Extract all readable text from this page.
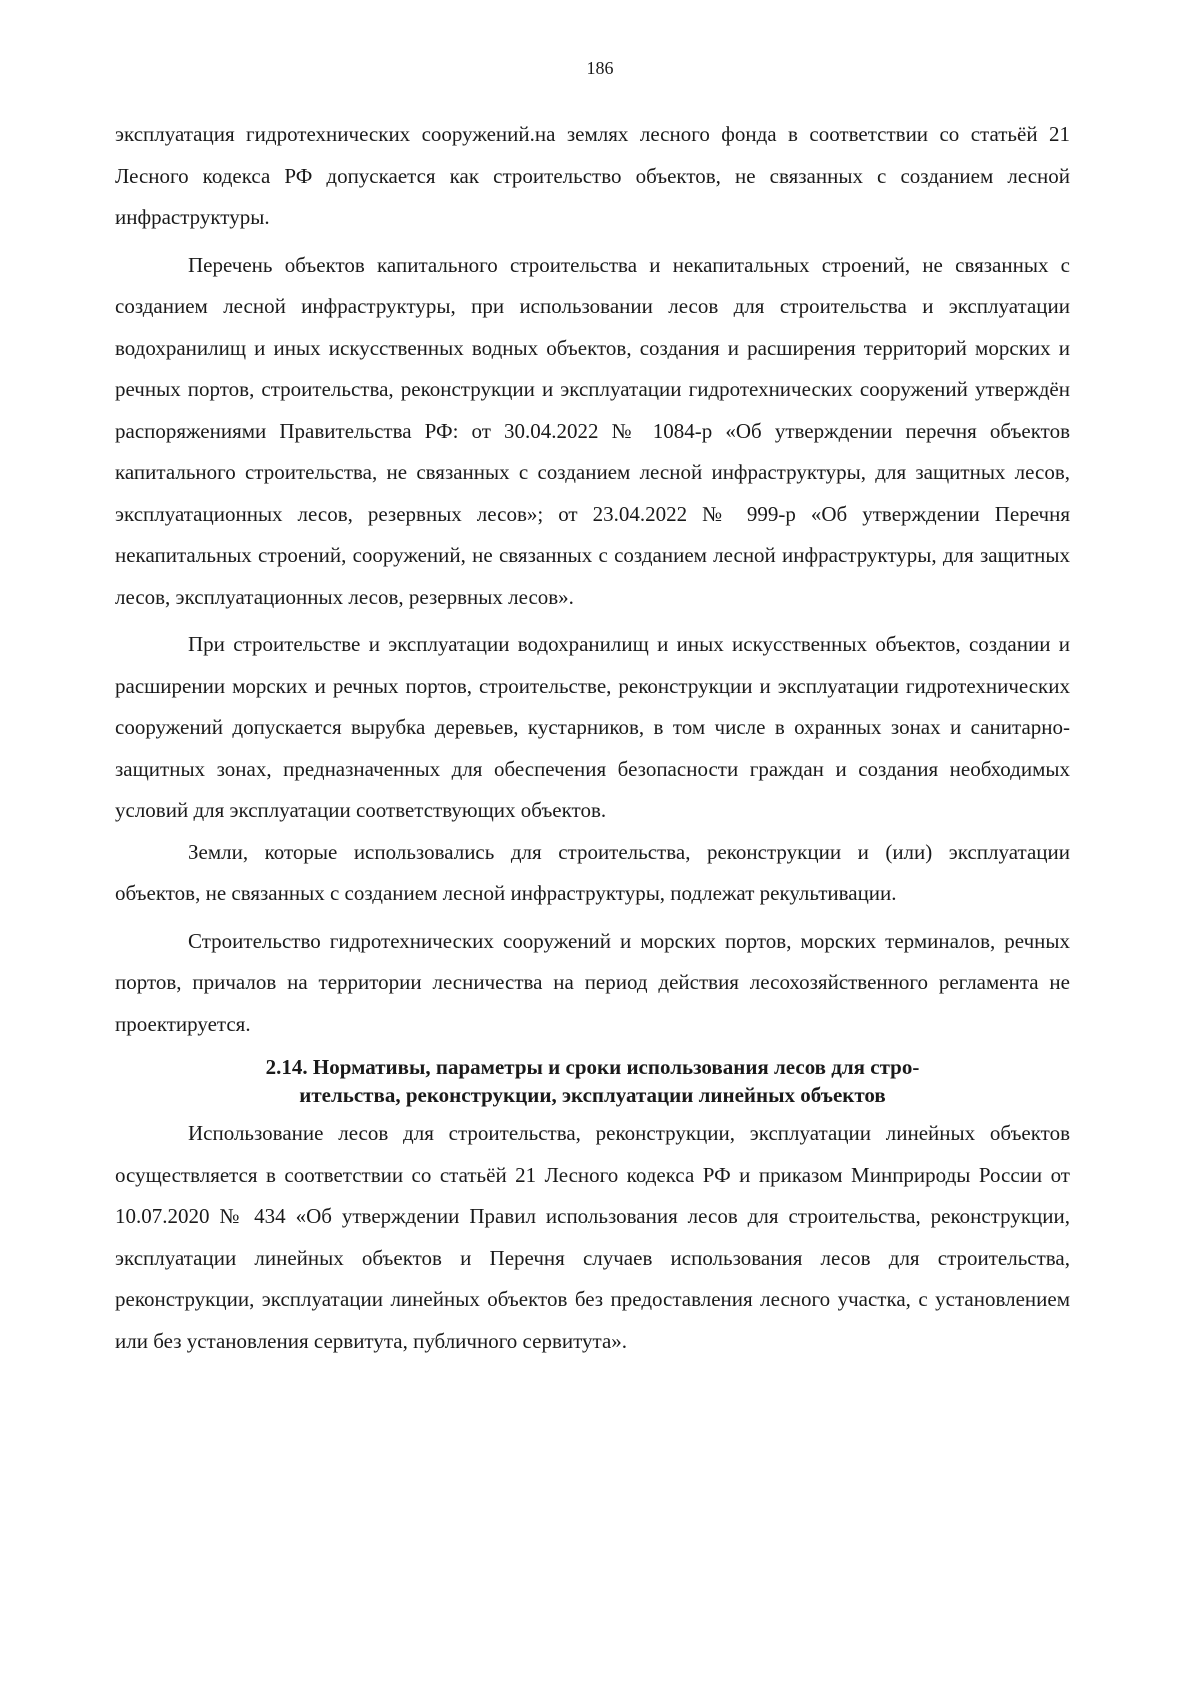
186

эксплуатация гидротехнических сооружений.на землях лесного фонда в соответствии со статьёй 21 Лесного кодекса РФ допускается как строительство объектов, не связанных с созданием лесной инфраструктуры.

Перечень объектов капитального строительства и некапитальных строений, не связанных с созданием лесной инфраструктуры, при использовании лесов для строительства и эксплуатации водохранилищ и иных искусственных водных объектов, создания и расширения территорий морских и речных портов, строительства, реконструкции и эксплуатации гидротехнических сооружений утверждён распоряжениями Правительства РФ: от 30.04.2022 № 1084-р «Об утверждении перечня объектов капитального строительства, не связанных с созданием лесной инфраструктуры, для защитных лесов, эксплуатационных лесов, резервных лесов»; от 23.04.2022 № 999-р «Об утверждении Перечня некапитальных строений, сооружений, не связанных с созданием лесной инфраструктуры, для защитных лесов, эксплуатационных лесов, резервных лесов».

При строительстве и эксплуатации водохранилищ и иных искусственных объектов, создании и расширении морских и речных портов, строительстве, реконструкции и эксплуатации гидротехнических сооружений допускается вырубка деревьев, кустарников, в том числе в охранных зонах и санитарно-защитных зонах, предназначенных для обеспечения безопасности граждан и создания необходимых условий для эксплуатации соответствующих объектов.

Земли, которые использовались для строительства, реконструкции и (или) эксплуатации объектов, не связанных с созданием лесной инфраструктуры, подлежат рекультивации.

Строительство гидротехнических сооружений и морских портов, морских терминалов, речных портов, причалов на территории лесничества на период действия лесохозяйственного регламента не проектируется.

2.14. Нормативы, параметры и сроки использования лесов для стро-
ительства, реконструкции, эксплуатации линейных объектов

Использование лесов для строительства, реконструкции, эксплуатации линейных объектов осуществляется в соответствии со статьёй 21 Лесного кодекса РФ и приказом Минприроды России от 10.07.2020 № 434 «Об утверждении Правил использования лесов для строительства, реконструкции, эксплуатации линейных объектов и Перечня случаев использования лесов для строительства, реконструкции, эксплуатации линейных объектов без предоставления лесного участка, с установлением или без установления сервитута, публичного сервитута».
